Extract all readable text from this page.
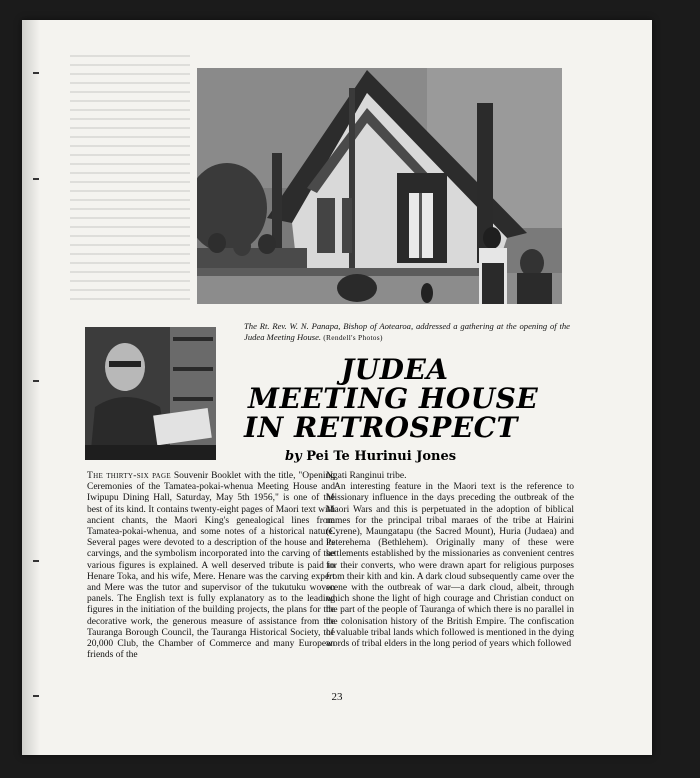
The Rt. Rev. W. N. Panapa, Bishop of Aotearoa, addressed a gathering at the opening of the Judea Meeting House. (Rendell's Photos)
JUDEA
MEETING HOUSE
IN RETROSPECT
by Pei Te Hurinui Jones

The thirty-six page Souvenir Booklet with the title, "Opening Ceremonies of the Tamatea-pokai-whenua Meeting House and Iwipupu Dining Hall, Saturday, May 5th 1956," is one of the best of its kind. It contains twenty-eight pages of Maori text with ancient chants, the Maori King's genealogical lines from Tamatea-pokai-whenua, and some notes of a historical nature. Several pages were devoted to a description of the house and its carvings, and the symbolism incorporated into the carving of the various figures is explained. A well deserved tribute is paid to Henare Toka, and his wife, Mere. Henare was the carving expert and Mere was the tutor and supervisor of the tukutuku woven panels. The English text is fully explanatory as to the leading figures in the initiation of the building projects, the plans for the decorative work, the generous measure of assistance from the Tauranga Borough Council, the Tauranga Historical Society, the 20,000 Club, the Chamber of Commerce and many European friends of the

Ngati Ranginui tribe.

An interesting feature in the Maori text is the reference to Missionary influence in the days preceding the outbreak of the Maori Wars and this is perpetuated in the adoption of biblical names for the principal tribal maraes of the tribe at Hairini (Cyrene), Maungatapu (the Sacred Mount), Huria (Judaea) and Peterehema (Bethlehem). Originally many of these were settlements established by the missionaries as convenient centres for their converts, who were drawn apart for religious purposes from their kith and kin. A dark cloud subsequently came over the scene with the outbreak of war—a dark cloud, albeit, through which shone the light of high courage and Christian conduct on the part of the people of Tauranga of which there is no parallel in the colonisation history of the British Empire. The confiscation of valuable tribal lands which followed is mentioned in the dying words of tribal elders in the long period of years which followed

23
